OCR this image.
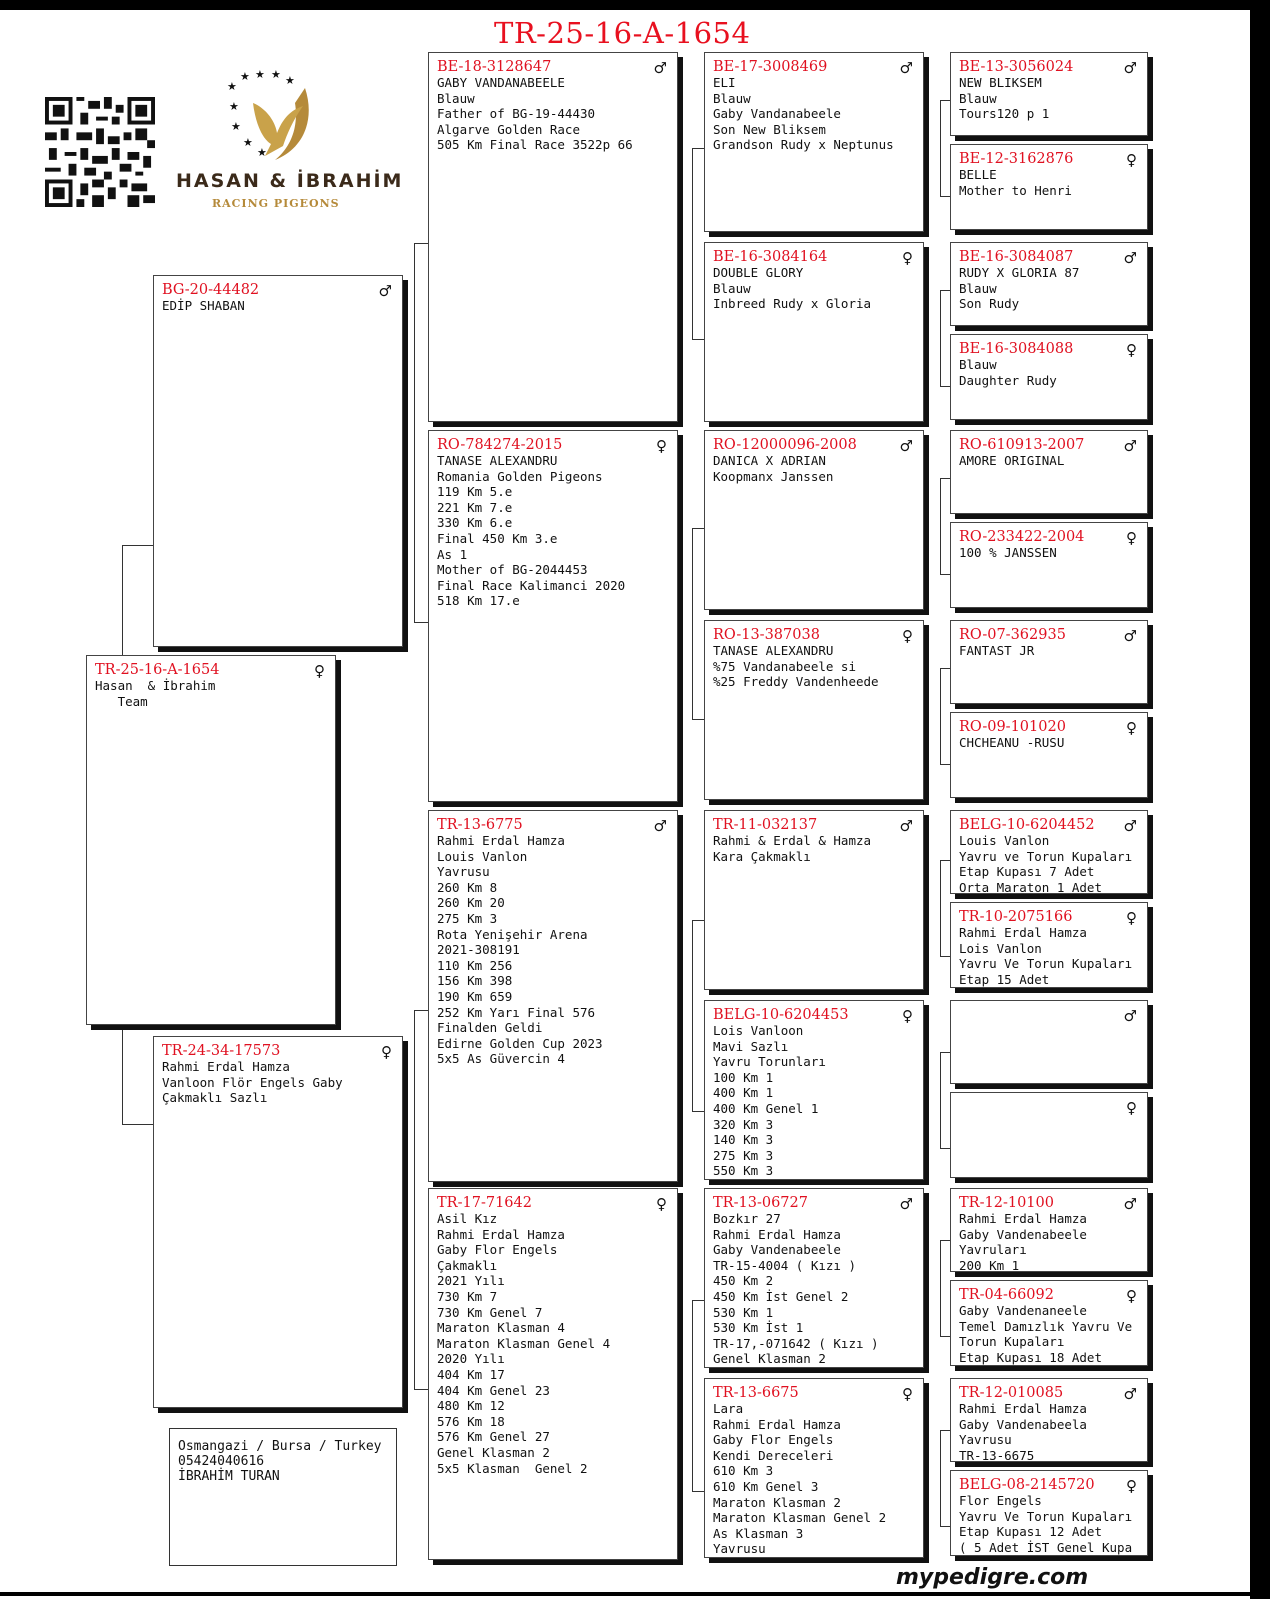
TR-25-16-A-1654
★
★ ★ ★ ★
★
★
★
★
HASAN & İBRAHİM
RACING PIGEONS
TR-25-16-A-1654	♀
Hasan  & İbrahim
Team
BG-20-44482	♂
EDİP SHABAN
TR-24-34-17573	♀
Rahmi Erdal Hamza
Vanloon Flör Engels Gaby
Çakmaklı Sazlı
BE-18-3128647	♂
GABY VANDANABEELE
Blauw
Father of BG-19-44430
Algarve Golden Race
505 Km Final Race 3522p 66
RO-784274-2015	♀
TANASE ALEXANDRU
Romania Golden Pigeons
119 Km 5.e
221 Km 7.e
330 Km 6.e
Final 450 Km 3.e
As 1
Mother of BG-2044453
Final Race Kalimanci 2020
518 Km 17.e
TR-13-6775	♂
Rahmi Erdal Hamza
Louis Vanlon
Yavrusu
260 Km 8
260 Km 20
275 Km 3
Rota Yenişehir Arena
2021-308191
110 Km 256
156 Km 398
190 Km 659
252 Km Yarı Final 576
Finalden Geldi
Edirne Golden Cup 2023
5x5 As Güvercin 4
TR-17-71642	♀
Asil Kız
Rahmi Erdal Hamza
Gaby Flor Engels
Çakmaklı
2021 Yılı
730 Km 7
730 Km Genel 7
Maraton Klasman 4
Maraton Klasman Genel 4
2020 Yılı
404 Km 17
404 Km Genel 23
480 Km 12
576 Km 18
576 Km Genel 27
Genel Klasman 2
5x5 Klasman  Genel 2
BE-17-3008469	♂
ELI
Blauw
Gaby Vandanabeele
Son New Bliksem
Grandson Rudy x Neptunus
BE-16-3084164	♀
DOUBLE GLORY
Blauw
Inbreed Rudy x Gloria
RO-12000096-2008	♂
DANICA X ADRIAN
Koopmanx Janssen
RO-13-387038	♀
TANASE ALEXANDRU
%75 Vandanabeele si
%25 Freddy Vandenheede
TR-11-032137	♂
Rahmi & Erdal & Hamza
Kara Çakmaklı
BELG-10-6204453	♀
Lois Vanloon
Mavi Sazlı
Yavru Torunları
100 Km 1
400 Km 1
400 Km Genel 1
320 Km 3
140 Km 3
275 Km 3
550 Km 3
TR-13-06727	♂
Bozkır 27
Rahmi Erdal Hamza
Gaby Vandenabeele
TR-15-4004 ( Kızı )
450 Km 2
450 Km İst Genel 2
530 Km 1
530 Km İst 1
TR-17,-071642 ( Kızı )
Genel Klasman 2
TR-13-6675	♀
Lara
Rahmi Erdal Hamza
Gaby Flor Engels
Kendi Dereceleri
610 Km 3
610 Km Genel 3
Maraton Klasman 2
Maraton Klasman Genel 2
As Klasman 3
Yavrusu
BE-13-3056024	♂
NEW BLIKSEM
Blauw
Tours120 p 1
BE-12-3162876	♀
BELLE
Mother to Henri
BE-16-3084087	♂
RUDY X GLORIA 87
Blauw
Son Rudy
BE-16-3084088	♀
Blauw
Daughter Rudy
RO-610913-2007	♂
AMORE ORIGINAL
RO-233422-2004	♀
100 % JANSSEN
RO-07-362935	♂
FANTAST JR
RO-09-101020	♀
CHCHEANU -RUSU
BELG-10-6204452	♂
Louis Vanlon
Yavru ve Torun Kupaları
Etap Kupası 7 Adet
Orta Maraton 1 Adet
TR-10-2075166	♀
Rahmi Erdal Hamza
Lois Vanlon
Yavru Ve Torun Kupaları
Etap 15 Adet
♂
♀
TR-12-10100	♂
Rahmi Erdal Hamza
Gaby Vandenabeele
Yavruları
200 Km 1
TR-04-66092	♀
Gaby Vandenaneele
Temel Damızlık Yavru Ve
Torun Kupaları
Etap Kupası 18 Adet
TR-12-010085	♂
Rahmi Erdal Hamza
Gaby Vandenabeela
Yavrusu
TR-13-6675
BELG-08-2145720	♀
Flor Engels
Yavru Ve Torun Kupaları
Etap Kupası 12 Adet
( 5 Adet İST Genel Kupa
Osmangazi / Bursa / Turkey
05424040616
İBRAHİM TURAN
mypedigre.com
